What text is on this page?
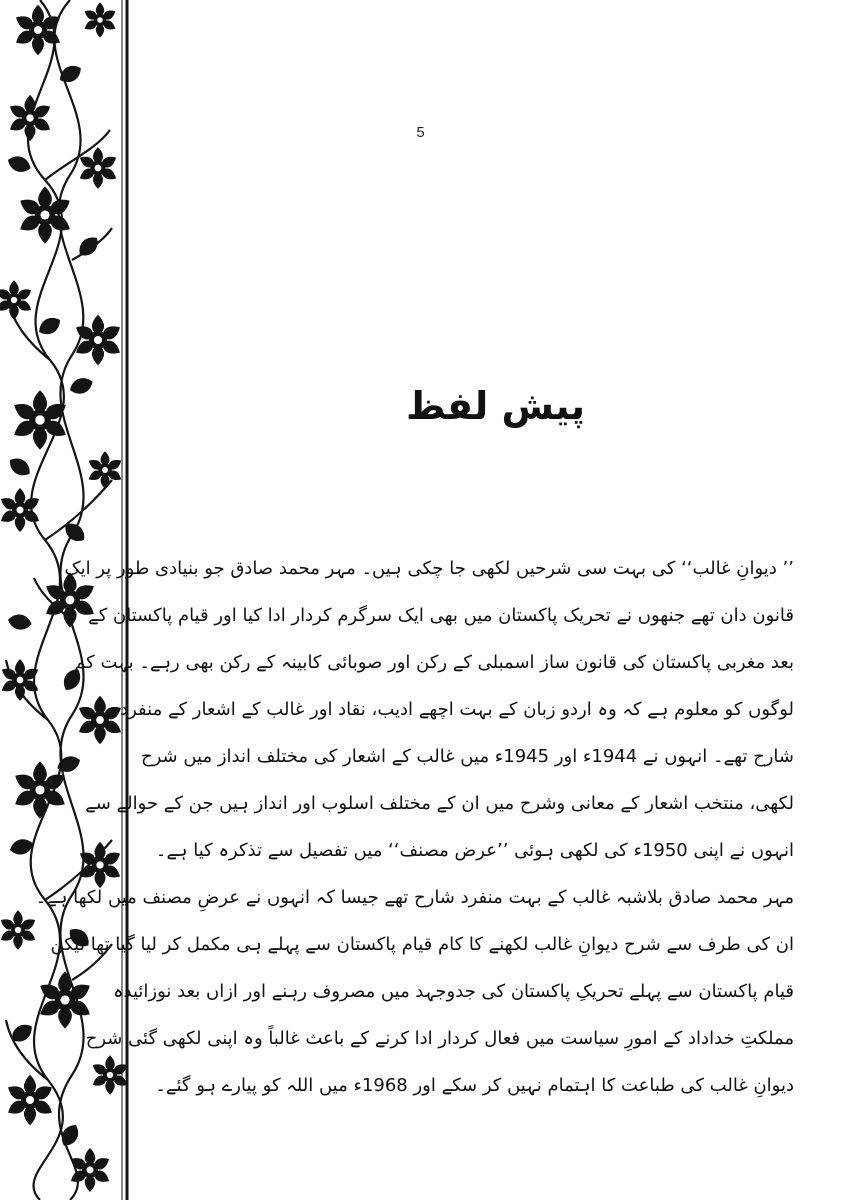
5
پیش لفظ
’’ دیوانِ غالب‘‘ کی بہت سی شرحیں لکھی جا چکی ہیں۔ مہر محمد صادق جو بنیادی طور پر ایک
قانون دان تھے جنھوں نے تحریک پاکستان میں بھی ایک سرگرم کردار ادا کیا اور قیام پاکستان کے
بعد مغربی پاکستان کی قانون ساز اسمبلی کے رکن اور صوبائی کابینہ کے رکن بھی رہے۔ بہت کم
لوگوں کو معلوم ہے کہ وہ اردو زبان کے بہت اچھے ادیب، نقاد اور غالب کے اشعار کے منفرد
شارح تھے۔ انہوں نے 1944ء اور 1945ء میں غالب کے اشعار کی مختلف انداز میں شرح
لکھی، منتخب اشعار کے معانی وشرح میں ان کے مختلف اسلوب اور انداز ہیں جن کے حوالے سے
انہوں نے اپنی 1950ء کی لکھی ہوئی ’’عرض مصنف‘‘ میں تفصیل سے تذکرہ کیا ہے۔
مہر محمد صادق بلاشبہ غالب کے بہت منفرد شارح تھے جیسا کہ انہوں نے عرضِ مصنف میں لکھا ہے۔
ان کی طرف سے شرح دیوانِ غالب لکھنے کا کام قیام پاکستان سے پہلے ہی مکمل کر لیا گیا تھا لیکن
قیام پاکستان سے پہلے تحریکِ پاکستان کی جدوجہد میں مصروف رہنے اور ازاں بعد نوزائیدہ
مملکتِ خداداد کے امورِ سیاست میں فعال کردار ادا کرنے کے باعث غالباً وہ اپنی لکھی گئی شرح
دیوانِ غالب کی طباعت کا اہتمام نہیں کر سکے اور 1968ء میں اللہ کو پیارے ہو گئے۔
